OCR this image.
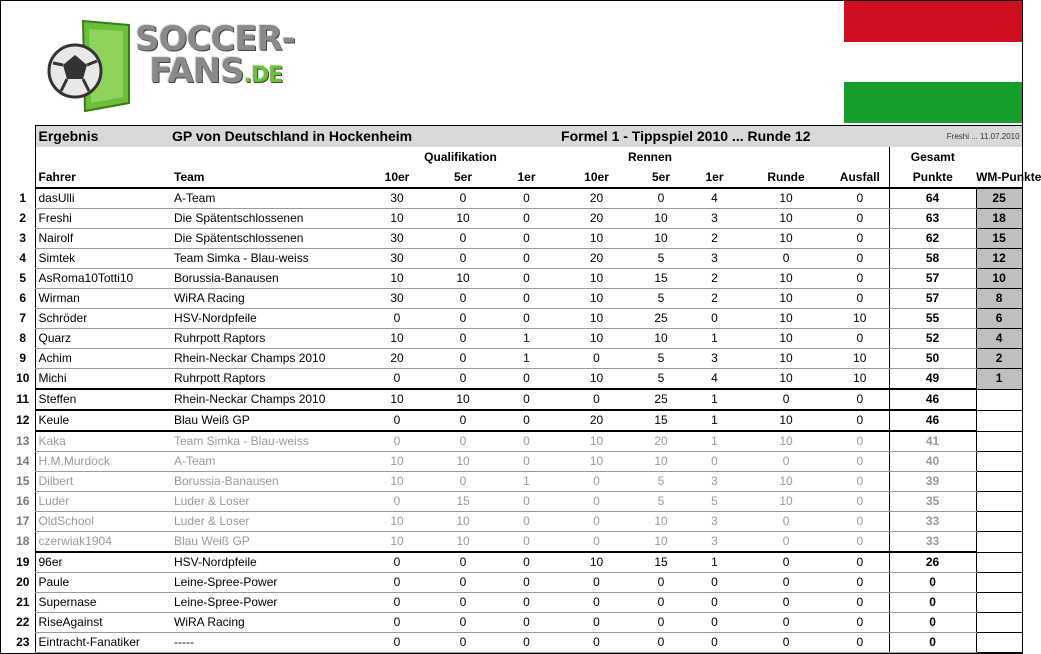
SOCCER-
FANS.DE
	Ergebnis	GP von Deutschland in Hockenheim				Formel 1 - Tippspiel 2010 ... Runde 12				Freshi ... 11.07.2010		
			Qualifikation			Rennen					Gesamt	
	Fahrer	Team	10er	5er	1er	10er	5er	1er	Runde	Ausfall	Punkte	WM-Punkte
1	dasUlli	A-Team	30	0	0	20	0	4	10	0	64	25
2	Freshi	Die Spätentschlossenen	10	10	0	20	10	3	10	0	63	18
3	Nairolf	Die Spätentschlossenen	30	0	0	10	10	2	10	0	62	15
4	Simtek	Team Simka - Blau-weiss	30	0	0	20	5	3	0	0	58	12
5	AsRoma10Totti10	Borussia-Banausen	10	10	0	10	15	2	10	0	57	10
6	Wirman	WiRA Racing	30	0	0	10	5	2	10	0	57	8
7	Schröder	HSV-Nordpfeile	0	0	0	10	25	0	10	10	55	6
8	Quarz	Ruhrpott Raptors	10	0	1	10	10	1	10	0	52	4
9	Achim	Rhein-Neckar Champs 2010	20	0	1	0	5	3	10	10	50	2
10	Michi	Ruhrpott Raptors	0	0	0	10	5	4	10	10	49	1
11	Steffen	Rhein-Neckar Champs 2010	10	10	0	0	25	1	0	0	46	
12	Keule	Blau Weiß GP	0	0	0	20	15	1	10	0	46	
13	Kaka	Team Simka - Blau-weiss	0	0	0	10	20	1	10	0	41	
14	H.M.Murdock	A-Team	10	10	0	10	10	0	0	0	40	
15	Dilbert	Borussia-Banausen	10	0	1	0	5	3	10	0	39	
16	Luder	Luder & Loser	0	15	0	0	5	5	10	0	35	
17	OldSchool	Luder & Loser	10	10	0	0	10	3	0	0	33	
18	czerwiak1904	Blau Weiß GP	10	10	0	0	10	3	0	0	33	
19	96er	HSV-Nordpfeile	0	0	0	10	15	1	0	0	26	
20	Paule	Leine-Spree-Power	0	0	0	0	0	0	0	0	0	
21	Supernase	Leine-Spree-Power	0	0	0	0	0	0	0	0	0	
22	RiseAgainst	WiRA Racing	0	0	0	0	0	0	0	0	0	
23	Eintracht-Fanatiker	-----	0	0	0	0	0	0	0	0	0	
